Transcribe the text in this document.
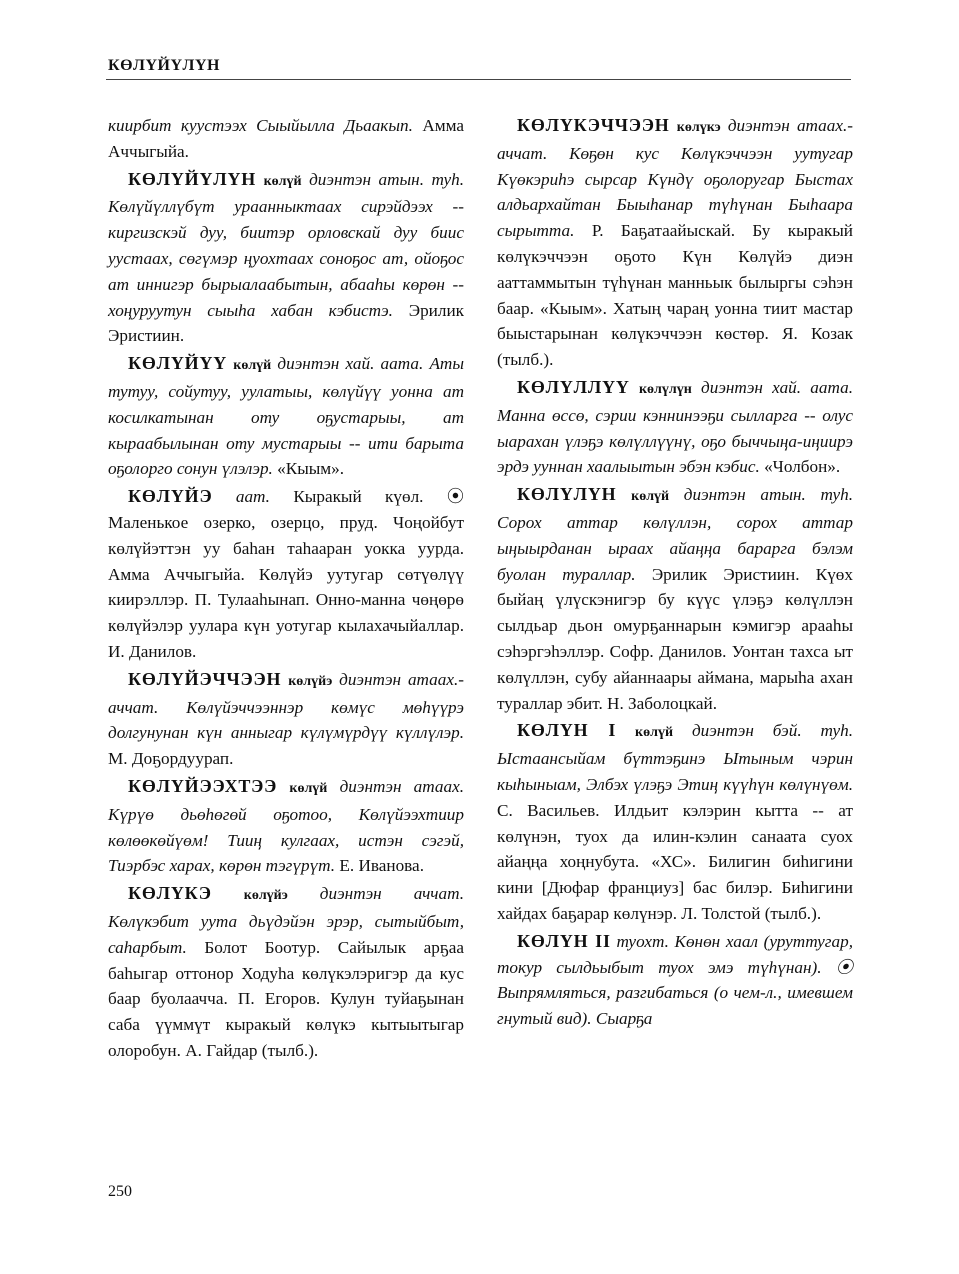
КӨЛҮЙҮЛҮН

киирбит куустээх Сыыйылла Дьаакып. Амма Аччыгыйа.

КӨЛҮЙҮЛҮН көлүй диэнтэн атын. туһ. Көлүйүллүбүт ураанныктаах сирэйдээх -- киргизскэй дуу, биитэр орловскай дуу биис уустаах, сөгүмэр ңуохтаах соноҕос ат, ойоҕос ат иннигэр бырыалаабытын, абааһы көрөн -- хоңуруутун сыыһа хабан кэбистэ. Эрилик Эристиин.

КӨЛҮЙҮҮ көлүй диэнтэн хай. аата. Аты тутуу, сойутуу, уулатыы, көлүйүү уонна ат косилкатынан оту оҕустарыы, ат кыраабылынан оту мустарыы -- ити барыта оҕолорго сонун үлэлэр. «Кыым».

КӨЛҮЙЭ аат. Кыракый күөл. ⦿ Маленькое озерко, озерцо, пруд. Чоңойбут көлүйэттэн уу баһан таһааран уокка уурда. Амма Аччыгыйа. Көлүйэ уутугар сөтүөлүү киирэллэр. П. Тулааһынап. Онно-манна чөңөрө көлүйэлэр уулара күн уотугар кылахачыйаллар. И. Данилов.

КӨЛҮЙЭЧЧЭЭН көлүйэ диэнтэн атаах.-аччат. Көлүйэччээннэр көмүс мөһүүрэ долгунунан күн анныгар күлүмүрдүү күллүлэр. М. Доҕордуурап.

КӨЛҮЙЭЭХТЭЭ көлүй диэнтэн атаах. Күрүө дьөһөгөй оҕотоо, Көлүйээхтиир көлөөкөйүөм! Тииң кулгаах, истэн сэгэй, Тиэрбэс харах, көрөн тэгүрүт. Е. Иванова.

КӨЛҮКЭ көлүйэ диэнтэн аччат. Көлүкэбит уута дьүдэйэн эрэр, сытыйбыт, саһарбыт. Болот Боотур. Сайылык арҕаа баһыгар оттонор Ходуһа көлүкэлэригэр да кус баар буолаачча. П. Егоров. Кулун туйаҕынан саба үүммүт кыракый көлүкэ кытыытыгар олоробун. А. Гайдар (тылб.).

КӨЛҮКЭЧЧЭЭН көлүкэ диэнтэн атаах.-аччат. Көҕөн кус Көлүкэччээн уутугар Күөкэриһэ сырсар Күндү оҕолоругар Быстах алдьархайтан Быыһанар түһүнан Быһаара сырытта. Р. Баҕатаайыскай. Бу кыракый көлүкэччээн оҕото Күн Көлүйэ диэн ааттаммытын түһүнан манньык былыргы сэһэн баар. «Кыым». Хатың чараң уонна тиит мастар быыстарынан көлүкэччээн көстөр. Я. Козак (тылб.).

КӨЛҮЛЛҮҮ көлүлүн диэнтэн хай. аата. Манна өссө, сэрии кэннинээҕи сылларга -- олус ыарахан үлэҕэ көлүллүүнү, оҕо быччыңа-иңиирэ эрдэ ууннан хаалыытын эбэн кэбис. «Чолбон».

КӨЛҮЛҮН көлүй диэнтэн атын. туһ. Сорох аттар көлүллэн, сорох аттар ыңыырданан ыраах айаңңа барарга бэлэм буолан тураллар. Эрилик Эристиин. Күөх быйаң үлүскэнигэр бу күүс үлэҕэ көлүллэн сылдьар дьон омурҕаннарын кэмигэр арааһы сэһэргэһэллэр. Софр. Данилов. Уонтан тахса ыт көлүллэн, субу айаннаары аймана, марыһа ахан тураллар эбит. Н. Заболоцкай.

КӨЛҮН I көлүй диэнтэн бэй. туһ. Ыстаансыйам бүттэҕинэ Ытыным чэрин кыһыныам, Элбэх үлэҕэ Этиң күүһүн көлүнүөм. С. Васильев. Илдьит кэлэрин кытта -- ат көлүнэн, туох да илин-кэлин санаата суох айаңңа хоңнубута. «ХС». Билигин биһигини кини [Дюфар франциуз] бас билэр. Биһигини хайдах баҕарар көлүнэр. Л. Толстой (тылб.).

КӨЛҮН II туохт. Көнөн хаал (уруттугар, токур сылдьыбыт туох эмэ түһүнан). ⦿ Выпрямляться, разгибаться (о чем-л., имевшем гнутый вид). Сыарҕа

250
